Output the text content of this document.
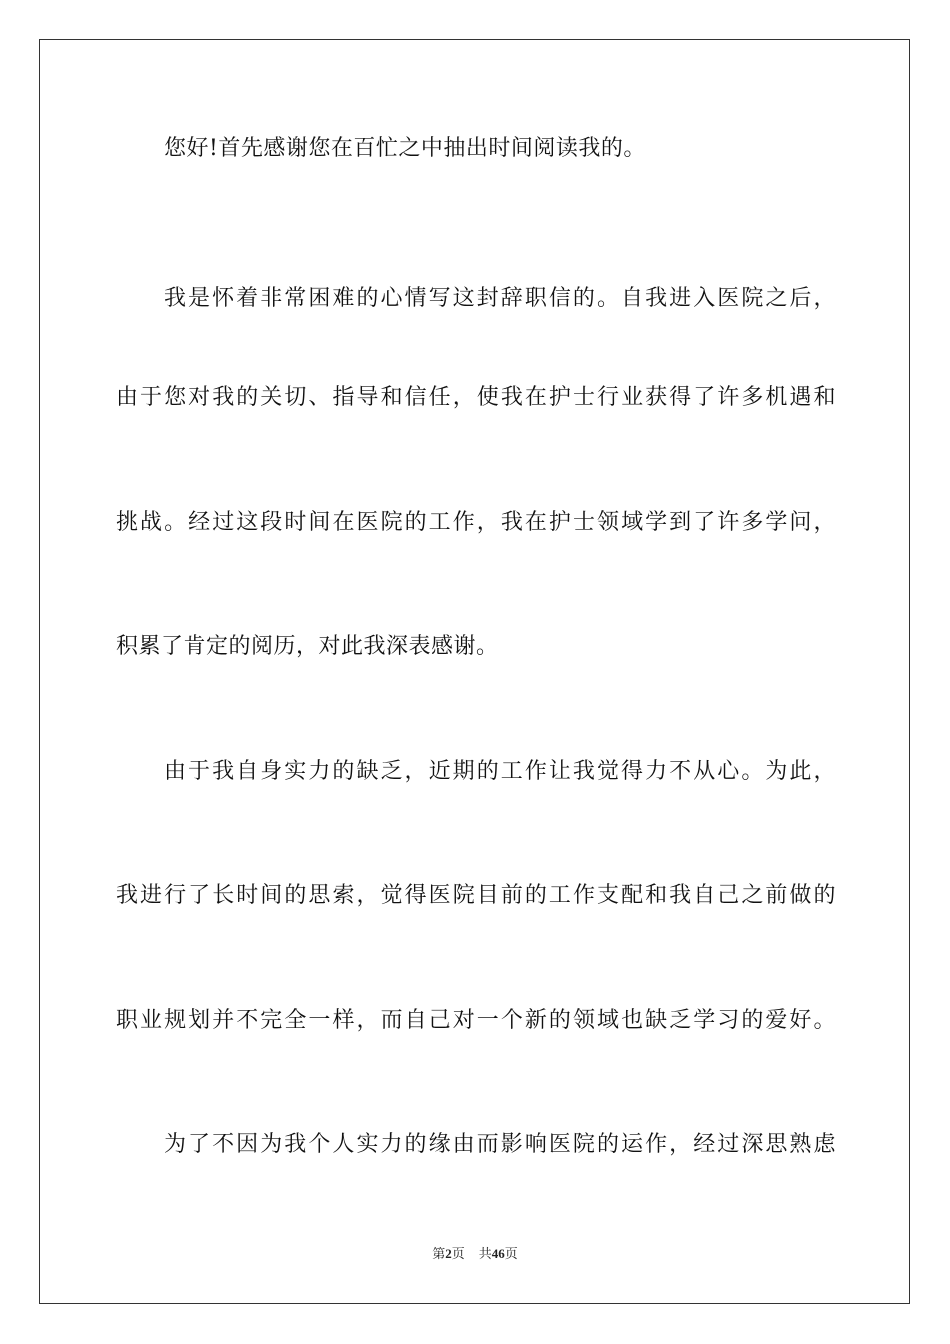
您好!首先感谢您在百忙之中抽出时间阅读我的。
我是怀着非常困难的心情写这封辞职信的。自我进入医院之后，
由于您对我的关切、指导和信任，使我在护士行业获得了许多机遇和
挑战。经过这段时间在医院的工作，我在护士领域学到了许多学问，
积累了肯定的阅历，对此我深表感谢。
由于我自身实力的缺乏，近期的工作让我觉得力不从心。为此，
我进行了长时间的思索，觉得医院目前的工作支配和我自己之前做的
职业规划并不完全一样，而自己对一个新的领域也缺乏学习的爱好。
为了不因为我个人实力的缘由而影响医院的运作，经过深思熟虑
第2页 共46页
